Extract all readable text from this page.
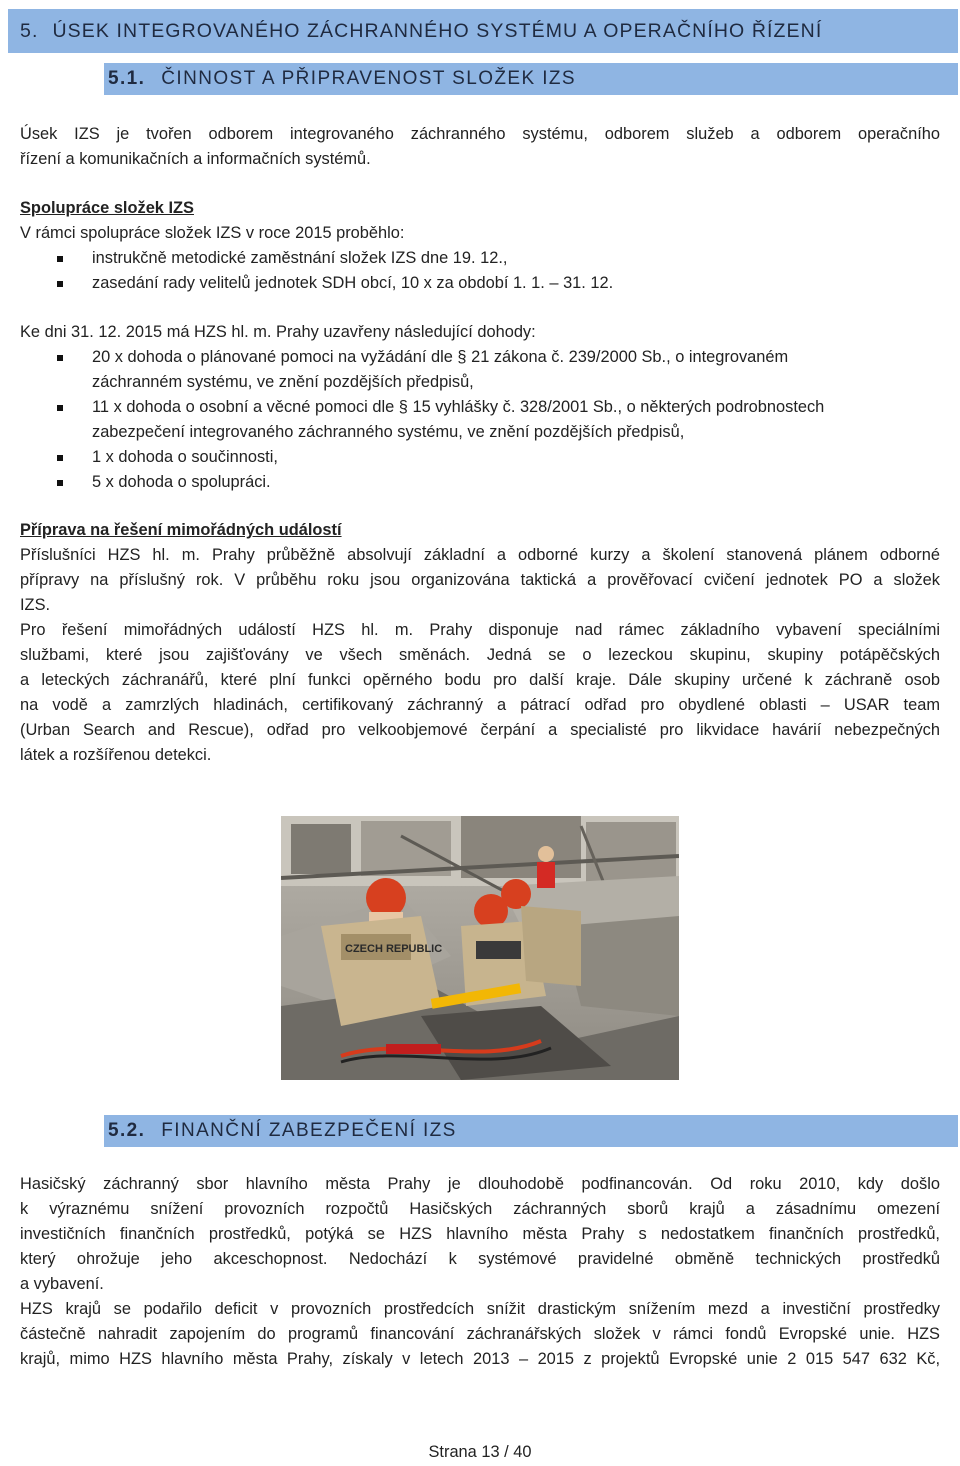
5. ÚSEK INTEGROVANÉHO ZÁCHRANNÉHO SYSTÉMU A OPERAČNÍHO ŘÍZENÍ
5.1. ČINNOST A PŘIPRAVENOST SLOŽEK IZS
Úsek IZS je tvořen odborem integrovaného záchranného systému, odborem služeb a odborem operačního
řízení a komunikačních a informačních systémů.
Spolupráce složek IZS
V rámci spolupráce složek IZS v roce 2015 proběhlo:
instrukčně metodické zaměstnání složek IZS dne 19. 12.,
zasedání rady velitelů jednotek SDH obcí, 10 x za období 1. 1. – 31. 12.
Ke dni 31. 12. 2015 má HZS hl. m. Prahy uzavřeny následující dohody:
20 x dohoda o plánované pomoci na vyžádání dle § 21 zákona č. 239/2000 Sb., o integrovaném
záchranném systému, ve znění pozdějších předpisů,
11 x dohoda o osobní a věcné pomoci dle § 15 vyhlášky č. 328/2001 Sb., o některých podrobnostech
zabezpečení integrovaného záchranného systému, ve znění pozdějších předpisů,
1 x dohoda o součinnosti,
5 x dohoda o spolupráci.
Příprava na řešení mimořádných událostí
Příslušníci HZS hl. m. Prahy průběžně absolvují základní a odborné kurzy a školení stanovená plánem odborné
přípravy na příslušný rok. V průběhu roku jsou organizována taktická a prověřovací cvičení jednotek PO a složek
IZS.
Pro řešení mimořádných událostí HZS hl. m. Prahy disponuje nad rámec základního vybavení speciálními
službami, které jsou zajišťovány ve všech směnách. Jedná se o lezeckou skupinu, skupiny potápěčských
a leteckých záchranářů, které plní funkci opěrného bodu pro další kraje. Dále skupiny určené k záchraně osob
na vodě a zamrzlých hladinách, certifikovaný záchranný a pátrací odřad pro obydlené oblasti – USAR team
(Urban Search and Rescue), odřad pro velkoobjemové čerpání a specialisté pro likvidace havárií nebezpečných
látek a rozšířenou detekci.
CZECH REPUBLIC
5.2. FINANČNÍ ZABEZPEČENÍ IZS
Hasičský záchranný sbor hlavního města Prahy je dlouhodobě podfinancován. Od roku 2010, kdy došlo
k výraznému snížení provozních rozpočtů Hasičských záchranných sborů krajů a zásadnímu omezení
investičních finančních prostředků, potýká se HZS hlavního města Prahy s nedostatkem finančních prostředků,
který ohrožuje jeho akceschopnost. Nedochází k systémové pravidelné obměně technických prostředků
a vybavení.
HZS krajů se podařilo deficit v provozních prostředcích snížit drastickým snížením mezd a investiční prostředky
částečně nahradit zapojením do programů financování záchranářských složek v rámci fondů Evropské unie. HZS
krajů, mimo HZS hlavního města Prahy, získaly v letech 2013 – 2015 z projektů Evropské unie 2 015 547 632 Kč,
Strana 13 / 40
